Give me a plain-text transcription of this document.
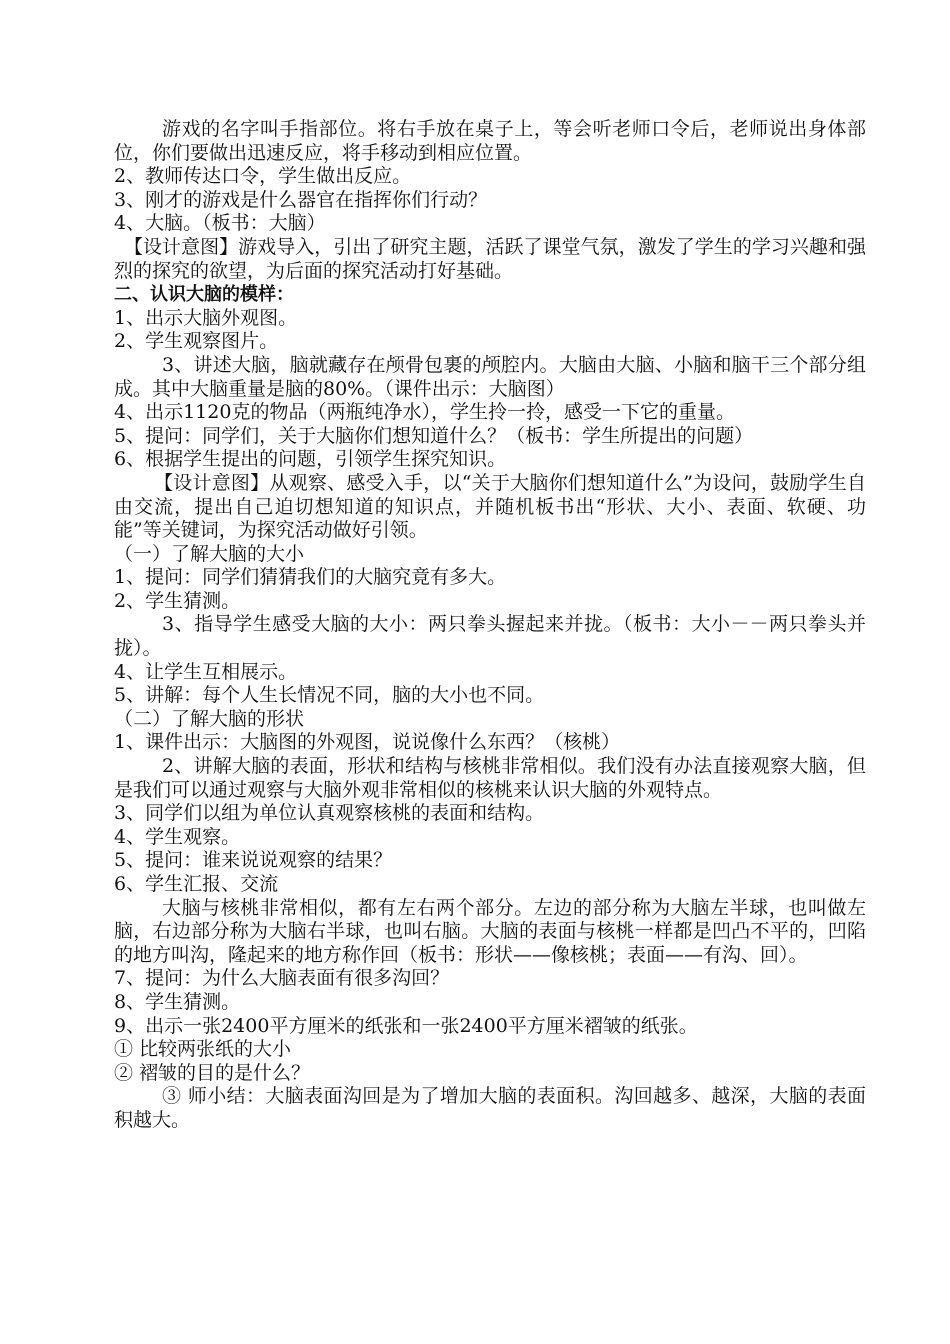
游戏的名字叫手指部位。将右手放在桌子上，等会听老师口令后，老师说出身体部位，你们要做出迅速反应，将手移动到相应位置。

2、教师传达口令，学生做出反应。

3、刚才的游戏是什么器官在指挥你们行动？

4、大脑。（板书：大脑）

【设计意图】游戏导入，引出了研究主题，活跃了课堂气氛，激发了学生的学习兴趣和强烈的探究的欲望，为后面的探究活动打好基础。

二、认识大脑的模样：

1、出示大脑外观图。

2、学生观察图片。

3、讲述大脑，脑就藏存在颅骨包裹的颅腔内。大脑由大脑、小脑和脑干三个部分组成。其中大脑重量是脑的80%。（课件出示：大脑图）

4、出示1120克的物品（两瓶纯净水），学生拎一拎，感受一下它的重量。

5、提问：同学们，关于大脑你们想知道什么？（板书：学生所提出的问题）

6、根据学生提出的问题，引领学生探究知识。

【设计意图】从观察、感受入手，以“关于大脑你们想知道什么”为设问，鼓励学生自由交流，提出自己迫切想知道的知识点，并随机板书出“形状、大小、表面、软硬、功能”等关键词，为探究活动做好引领。

（一）了解大脑的大小

1、提问：同学们猜猜我们的大脑究竟有多大。

2、学生猜测。

3、指导学生感受大脑的大小：两只拳头握起来并拢。（板书：大小－－两只拳头并拢）。

4、让学生互相展示。

5、讲解：每个人生长情况不同，脑的大小也不同。

（二）了解大脑的形状

1、课件出示：大脑图的外观图，说说像什么东西？（核桃）

2、讲解大脑的表面，形状和结构与核桃非常相似。我们没有办法直接观察大脑，但是我们可以通过观察与大脑外观非常相似的核桃来认识大脑的外观特点。

3、同学们以组为单位认真观察核桃的表面和结构。

4、学生观察。

5、提问：谁来说说观察的结果？

6、学生汇报、交流

大脑与核桃非常相似，都有左右两个部分。左边的部分称为大脑左半球，也叫做左脑，右边部分称为大脑右半球，也叫右脑。大脑的表面与核桃一样都是凹凸不平的，凹陷的地方叫沟，隆起来的地方称作回（板书：形状——像核桃；表面——有沟、回）。

7、提问：为什么大脑表面有很多沟回？

8、学生猜测。

9、出示一张2400平方厘米的纸张和一张2400平方厘米褶皱的纸张。

① 比较两张纸的大小

② 褶皱的目的是什么？

③ 师小结：大脑表面沟回是为了增加大脑的表面积。沟回越多、越深，大脑的表面积越大。
